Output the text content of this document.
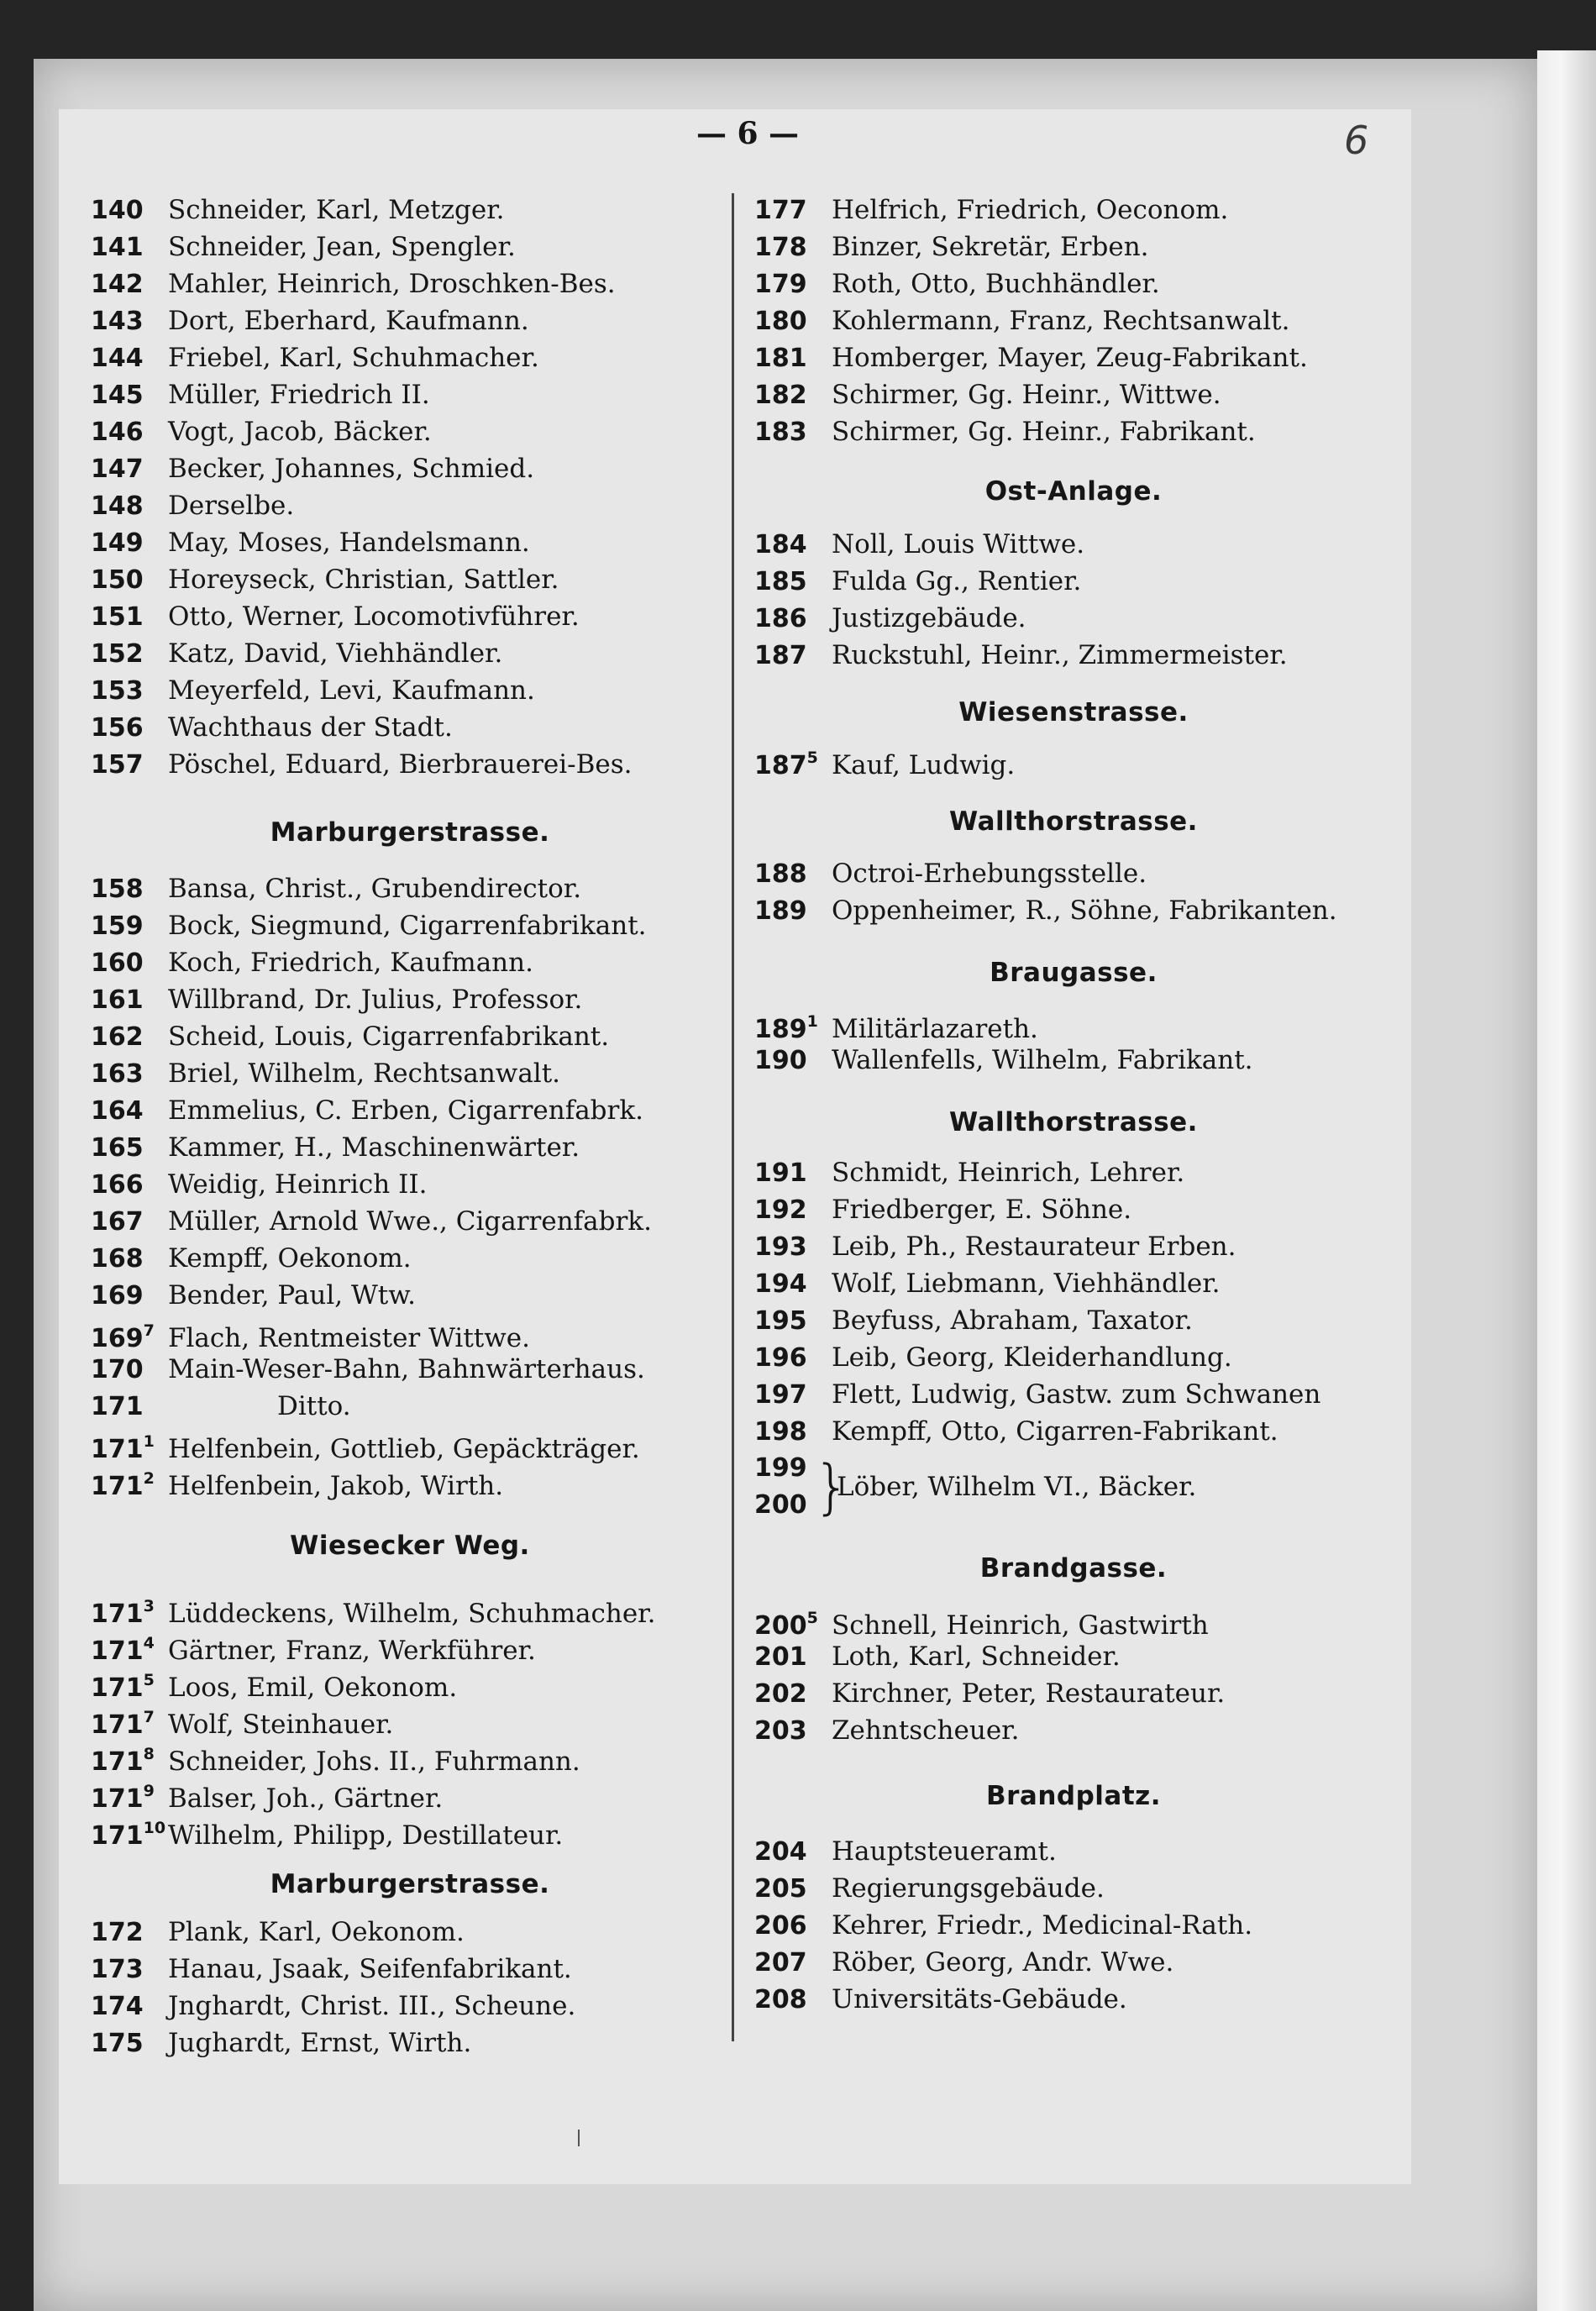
— 6 —	6
140 Schneider, Karl, Metzger.
141 Schneider, Jean, Spengler.
142 Mahler, Heinrich, Droschken-Bes.
143 Dort, Eberhard, Kaufmann.
144 Friebel, Karl, Schuhmacher.
145 Müller, Friedrich II.
146 Vogt, Jacob, Bäcker.
147 Becker, Johannes, Schmied.
148 Derselbe.
149 May, Moses, Handelsmann.
150 Horeyseck, Christian, Sattler.
151 Otto, Werner, Locomotivführer.
152 Katz, David, Viehhändler.
153 Meyerfeld, Levi, Kaufmann.
156 Wachthaus der Stadt.
157 Pöschel, Eduard, Bierbrauerei-Bes.
Marburgerstrasse.
158 Bansa, Christ., Grubendirector.
159 Bock, Siegmund, Cigarrenfabrikant.
160 Koch, Friedrich, Kaufmann.
161 Willbrand, Dr. Julius, Professor.
162 Scheid, Louis, Cigarrenfabrikant.
163 Briel, Wilhelm, Rechtsanwalt.
164 Emmelius, C. Erben, Cigarrenfabrk.
165 Kammer, H., Maschinenwärter.
166 Weidig, Heinrich II.
167 Müller, Arnold Wwe., Cigarrenfabrk.
168 Kempff, Oekonom.
169 Bender, Paul, Wtw.
$169^7$ Flach, Rentmeister Wittwe.
170 Main-Weser-Bahn, Bahnwärterhaus.
171	Ditto.
$171^1$ Helfenbein, Gottlieb, Gepäckträger.
$171^2$ Helfenbein, Jakob, Wirth.
Wiesecker Weg.
$171^3$ Lüddeckens, Wilhelm, Schuhmacher.
$171^4$ Gärtner, Franz, Werkführer.
$171^5$ Loos, Emil, Oekonom.
$171^7$ Wolf, Steinhauer.
$171^8$ Schneider, Johs. II., Fuhrmann.
$171^9$ Balser, Joh., Gärtner.
$171^{10}$ Wilhelm, Philipp, Destillateur.
Marburgerstrasse.
172 Plank, Karl, Oekonom.
173 Hanau, Jsaak, Seifenfabrikant.
174 Jnghardt, Christ. III., Scheune.
175 Jughardt, Ernst, Wirth.
177 Helfrich, Friedrich, Oeconom.
178 Binzer, Sekretär, Erben.
179 Roth, Otto, Buchhändler.
180 Kohlermann, Franz, Rechtsanwalt.
181 Homberger, Mayer, Zeug-Fabrikant.
182 Schirmer, Gg. Heinr., Wittwe.
183 Schirmer, Gg. Heinr., Fabrikant.
Ost-Anlage.
184 Noll, Louis Wittwe.
185 Fulda Gg., Rentier.
186 Justizgebäude.
187 Ruckstuhl, Heinr., Zimmermeister.
Wiesenstrasse.
$187^5$ Kauf, Ludwig.
Wallthorstrasse.
188 Octroi-Erhebungsstelle.
189 Oppenheimer, R., Söhne, Fabrikanten.
Braugasse.
$189^1$ Militärlazareth.
190 Wallenfells, Wilhelm, Fabrikant.
Wallthorstrasse.
191 Schmidt, Heinrich, Lehrer.
192 Friedberger, E. Söhne.
193 Leib, Ph., Restaurateur Erben.
194 Wolf, Liebmann, Viehhändler.
195 Beyfuss, Abraham, Taxator.
196 Leib, Georg, Kleiderhandlung.
197 Flett, Ludwig, Gastw. zum Schwanen
198 Kempff, Otto, Cigarren-Fabrikant.
199
200 }
Löber, Wilhelm VI., Bäcker.
Brandgasse.
$200^5$ Schnell, Heinrich, Gastwirth
201 Loth, Karl, Schneider.
202 Kirchner, Peter, Restaurateur.
203 Zehntscheuer.
Brandplatz.
204 Hauptsteueramt.
205 Regierungsgebäude.
206 Kehrer, Friedr., Medicinal-Rath.
207 Röber, Georg, Andr. Wwe.
208 Universitäts-Gebäude.
